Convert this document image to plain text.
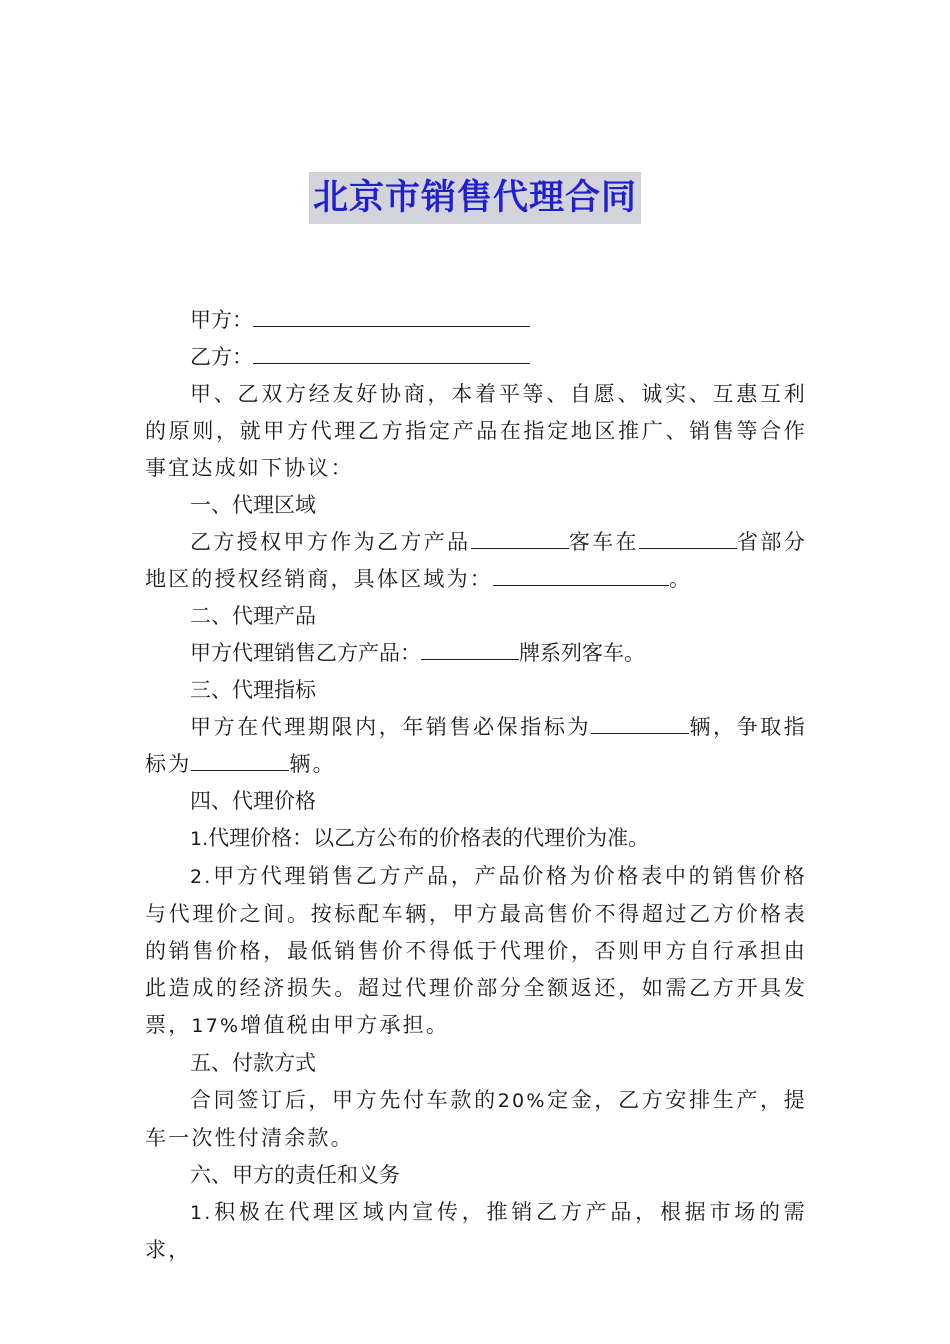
北京市销售代理合同

甲方：

乙方：

甲、乙双方经友好协商，本着平等、自愿、诚实、互惠互利的原则，就甲方代理乙方指定产品在指定地区推广、销售等合作事宜达成如下协议：

一、代理区域

乙方授权甲方作为乙方产品	客车在	省部分地区的授权经销商，具体区域为：	。

二、代理产品

甲方代理销售乙方产品：	牌系列客车。

三、代理指标

甲方在代理期限内，年销售必保指标为	辆，争取指标为	辆。

四、代理价格

1.代理价格：以乙方公布的价格表的代理价为准。

2.甲方代理销售乙方产品，产品价格为价格表中的销售价格与代理价之间。按标配车辆，甲方最高售价不得超过乙方价格表的销售价格，最低销售价不得低于代理价，否则甲方自行承担由此造成的经济损失。超过代理价部分全额返还，如需乙方开具发票，17%增值税由甲方承担。

五、付款方式

合同签订后，甲方先付车款的20%定金，乙方安排生产，提车一次性付清余款。

六、甲方的责任和义务

1.积极在代理区域内宣传，推销乙方产品，根据市场的需求，
